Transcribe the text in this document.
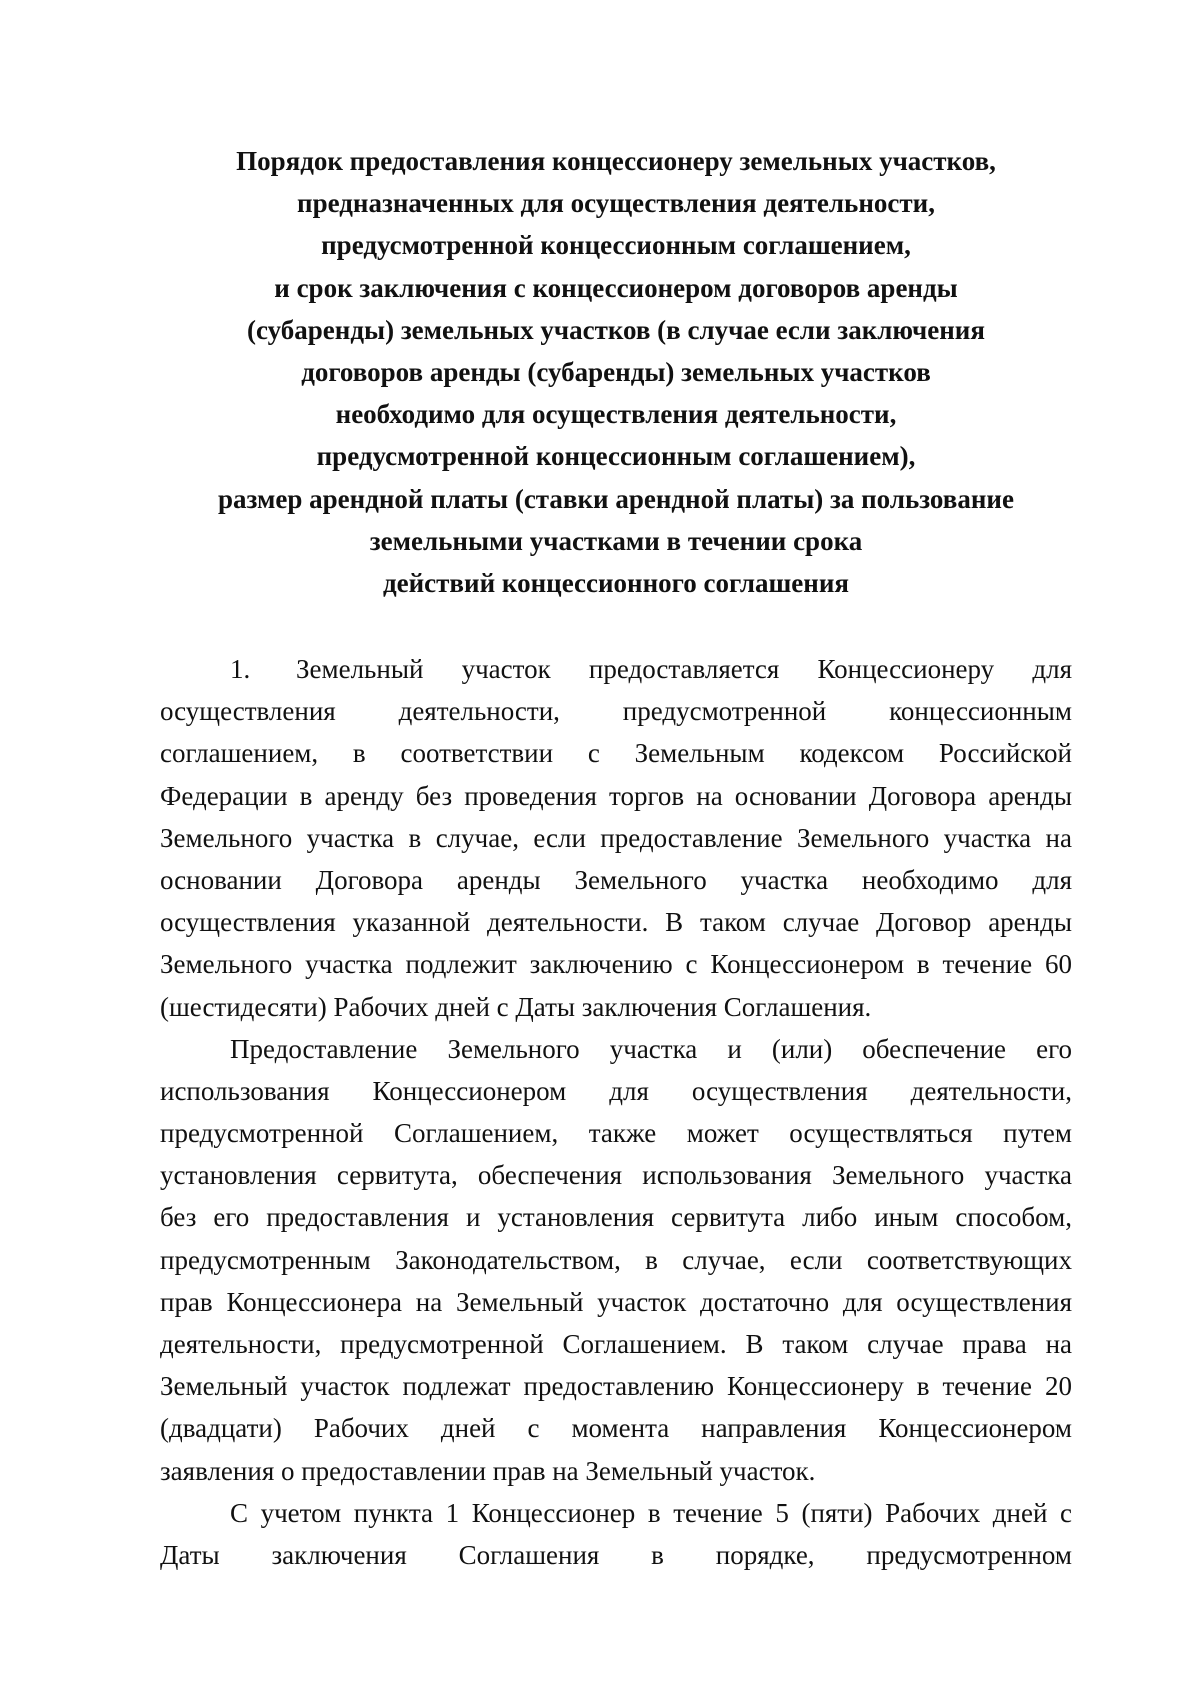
Порядок предоставления концессионеру земельных участков,
предназначенных для осуществления деятельности,
предусмотренной концессионным соглашением,
и срок заключения с концессионером договоров аренды
(субаренды) земельных участков (в случае если заключения
договоров аренды (субаренды) земельных участков
необходимо для осуществления деятельности,
предусмотренной концессионным соглашением),
размер арендной платы (ставки арендной платы) за пользование
земельными участками в течении срока
действий концессионного соглашения
1.	Земельный участок предоставляется Концессионеру для
осуществления деятельности, предусмотренной концессионным
соглашением, в соответствии с Земельным кодексом Российской
Федерации в аренду без проведения торгов на основании Договора аренды
Земельного участка в случае, если предоставление Земельного участка на
основании Договора аренды Земельного участка необходимо для
осуществления указанной деятельности. В таком случае Договор аренды
Земельного участка подлежит заключению с Концессионером в течение 60
(шестидесяти) Рабочих дней с Даты заключения Соглашения.
Предоставление Земельного участка и (или) обеспечение его
использования Концессионером для осуществления деятельности,
предусмотренной Соглашением, также может осуществляться путем
установления сервитута, обеспечения использования Земельного участка
без его предоставления и установления сервитута либо иным способом,
предусмотренным Законодательством, в случае, если соответствующих
прав Концессионера на Земельный участок достаточно для осуществления
деятельности, предусмотренной Соглашением. В таком случае права на
Земельный участок подлежат предоставлению Концессионеру в течение 20
(двадцати) Рабочих дней с момента направления Концессионером
заявления о предоставлении прав на Земельный участок.
С учетом пункта 1 Концессионер в течение 5 (пяти) Рабочих дней с
Даты заключения Соглашения в порядке, предусмотренном
